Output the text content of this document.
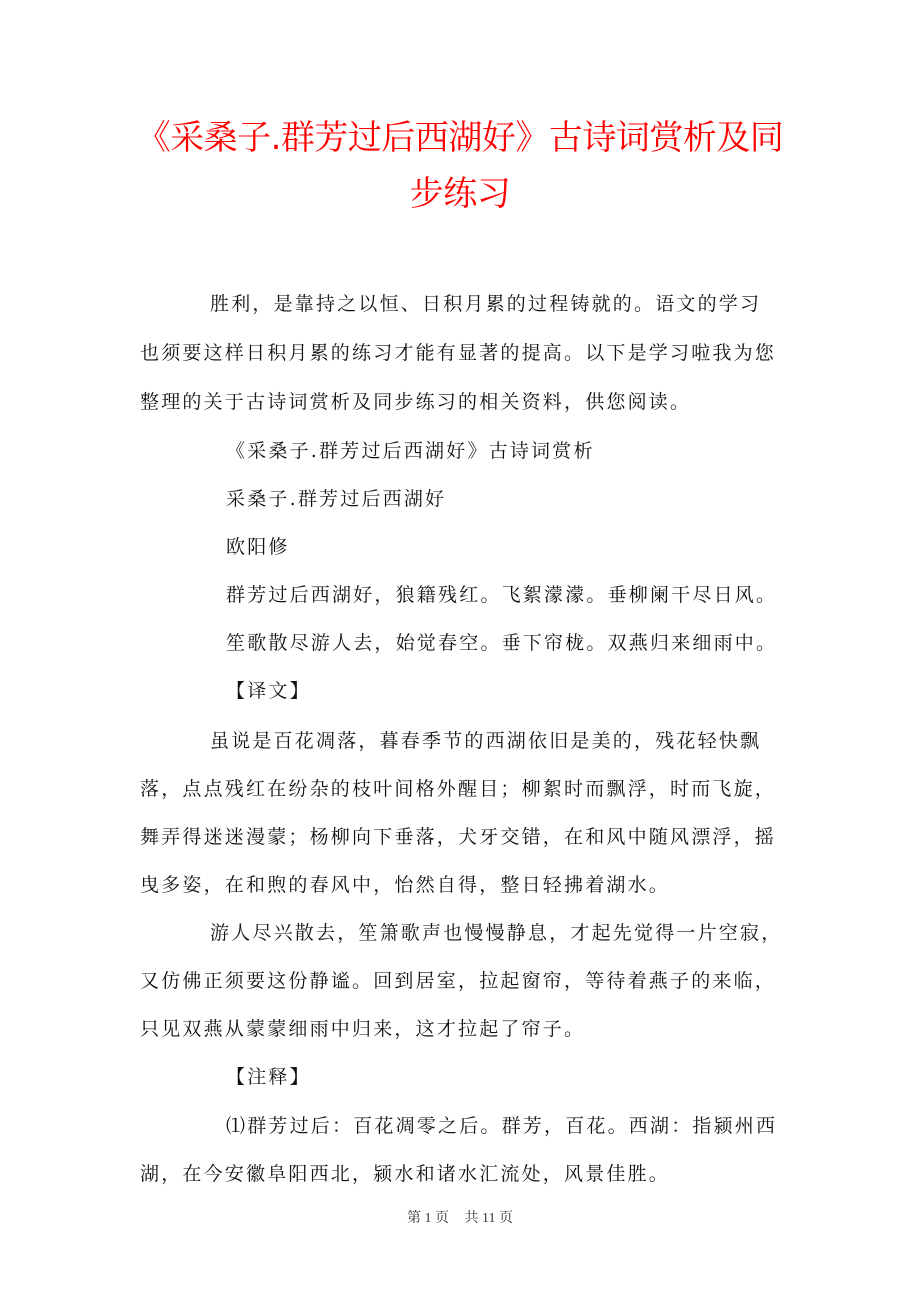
《采桑子.群芳过后西湖好》古诗词赏析及同步练习
胜利，是靠持之以恒、日积月累的过程铸就的。语文的学习
也须要这样日积月累的练习才能有显著的提高。以下是学习啦我为您
整理的关于古诗词赏析及同步练习的相关资料，供您阅读。
《采桑子.群芳过后西湖好》古诗词赏析
采桑子.群芳过后西湖好
欧阳修
群芳过后西湖好，狼籍残红。飞絮濛濛。垂柳阑干尽日风。
笙歌散尽游人去，始觉春空。垂下帘栊。双燕归来细雨中。
【译文】
虽说是百花凋落，暮春季节的西湖依旧是美的，残花轻快飘
落，点点残红在纷杂的枝叶间格外醒目；柳絮时而飘浮，时而飞旋，
舞弄得迷迷漫蒙；杨柳向下垂落，犬牙交错，在和风中随风漂浮，摇
曳多姿，在和煦的春风中，怡然自得，整日轻拂着湖水。
游人尽兴散去，笙箫歌声也慢慢静息，才起先觉得一片空寂，
又仿佛正须要这份静谧。回到居室，拉起窗帘，等待着燕子的来临，
只见双燕从蒙蒙细雨中归来，这才拉起了帘子。
【注释】
⑴群芳过后：百花凋零之后。群芳，百花。西湖：指颍州西
湖，在今安徽阜阳西北，颍水和诸水汇流处，风景佳胜。
第 1 页 共 11 页
